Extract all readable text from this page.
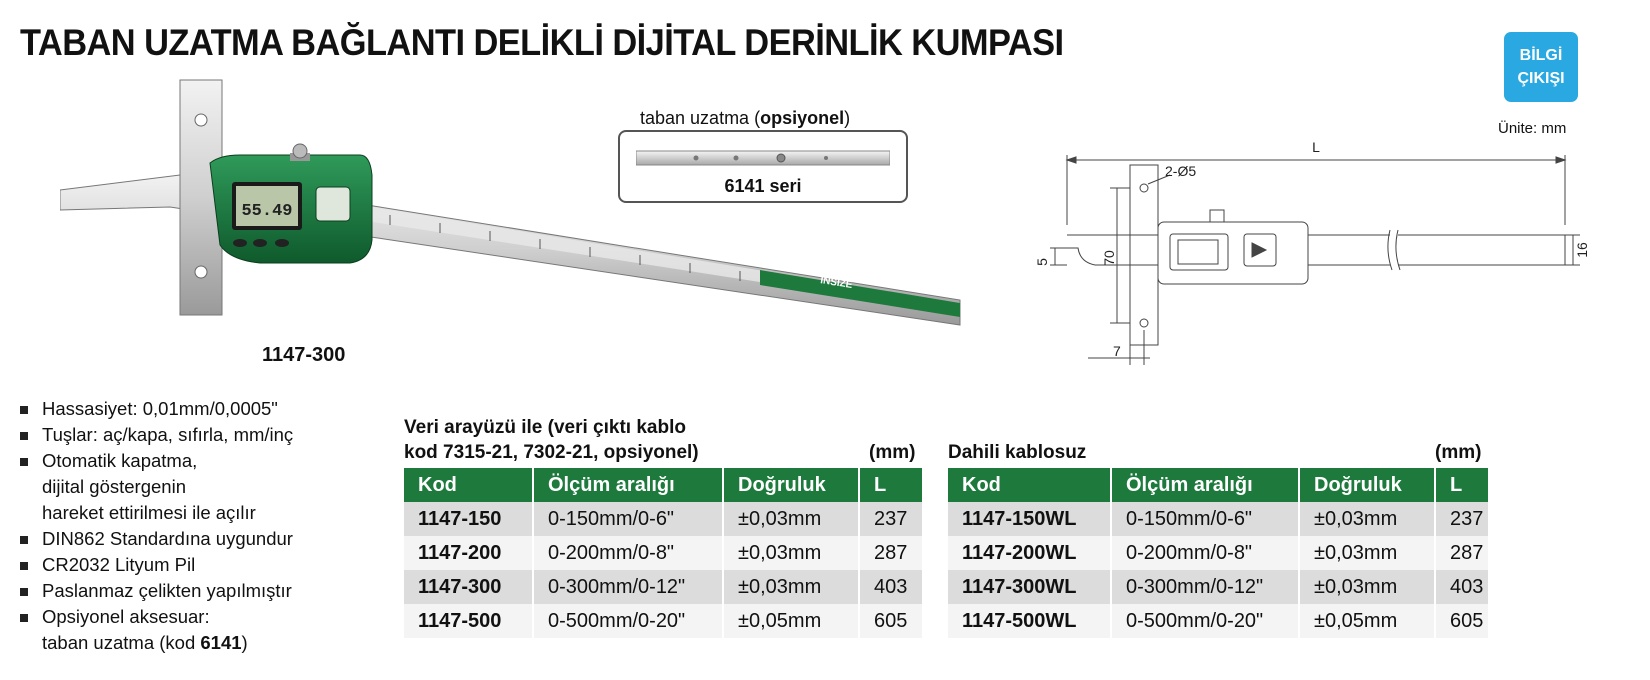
TABAN UZATMA BAĞLANTI DELİKLİ DİJİTAL DERİNLİK KUMPASI	BİLGİ
ÇIKIŞI
Ünite: mm
INSIZE
55.49
1147-300
taban uzatma (opsiyonel)
6141 seri
L
2-Ø5
70
5
16
7
Hassasiyet: 0,01mm/0,0005"
Tuşlar: aç/kapa, sıfırla, mm/inç
Otomatik kapatma,
dijital göstergenin
hareket ettirilmesi ile açılır
DIN862 Standardına uygundur
CR2032 Lityum Pil
Paslanmaz çelikten yapılmıştır
Opsiyonel aksesuar:
taban uzatma (kod 6141)
Veri arayüzü ile (veri çıktı kablo
kod 7315-21, 7302-21, opsiyonel)	(mm)
Kod	Ölçüm aralığı	Doğruluk	L
1147-150	0-150mm/0-6"	±0,03mm	237
1147-200	0-200mm/0-8"	±0,03mm	287
1147-300	0-300mm/0-12"	±0,03mm	403
1147-500	0-500mm/0-20"	±0,05mm	605
Dahili kablosuz	(mm)
Kod	Ölçüm aralığı	Doğruluk	L
1147-150WL	0-150mm/0-6"	±0,03mm	237
1147-200WL	0-200mm/0-8"	±0,03mm	287
1147-300WL	0-300mm/0-12"	±0,03mm	403
1147-500WL	0-500mm/0-20"	±0,05mm	605
